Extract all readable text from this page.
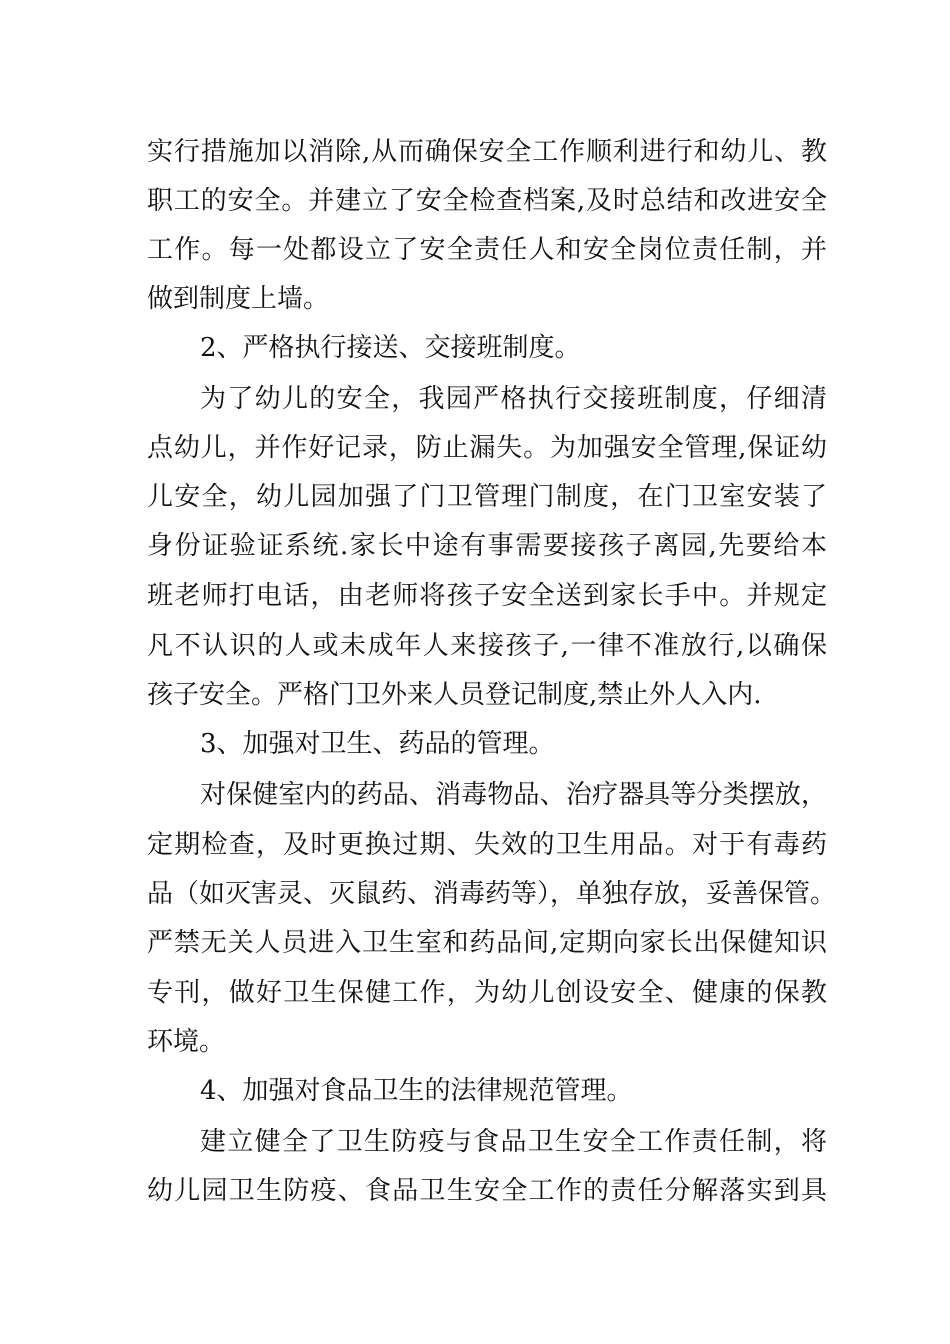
实行措施加以消除,从而确保安全工作顺利进行和幼儿、教
职工的安全。并建立了安全检查档案,及时总结和改进安全
工作。每一处都设立了安全责任人和安全岗位责任制，并
做到制度上墙。
2、严格执行接送、交接班制度。
为了幼儿的安全，我园严格执行交接班制度，仔细清
点幼儿，并作好记录，防止漏失。为加强安全管理,保证幼
儿安全，幼儿园加强了门卫管理门制度，在门卫室安装了
身份证验证系统.家长中途有事需要接孩子离园,先要给本
班老师打电话，由老师将孩子安全送到家长手中。并规定
凡不认识的人或未成年人来接孩子,一律不准放行,以确保
孩子安全。严格门卫外来人员登记制度,禁止外人入内.
3、加强对卫生、药品的管理。
对保健室内的药品、消毒物品、治疗器具等分类摆放，
定期检查，及时更换过期、失效的卫生用品。对于有毒药
品（如灭害灵、灭鼠药、消毒药等），单独存放，妥善保管。
严禁无关人员进入卫生室和药品间,定期向家长出保健知识
专刊，做好卫生保健工作，为幼儿创设安全、健康的保教
环境。
4、加强对食品卫生的法律规范管理。
建立健全了卫生防疫与食品卫生安全工作责任制，将
幼儿园卫生防疫、食品卫生安全工作的责任分解落实到具
